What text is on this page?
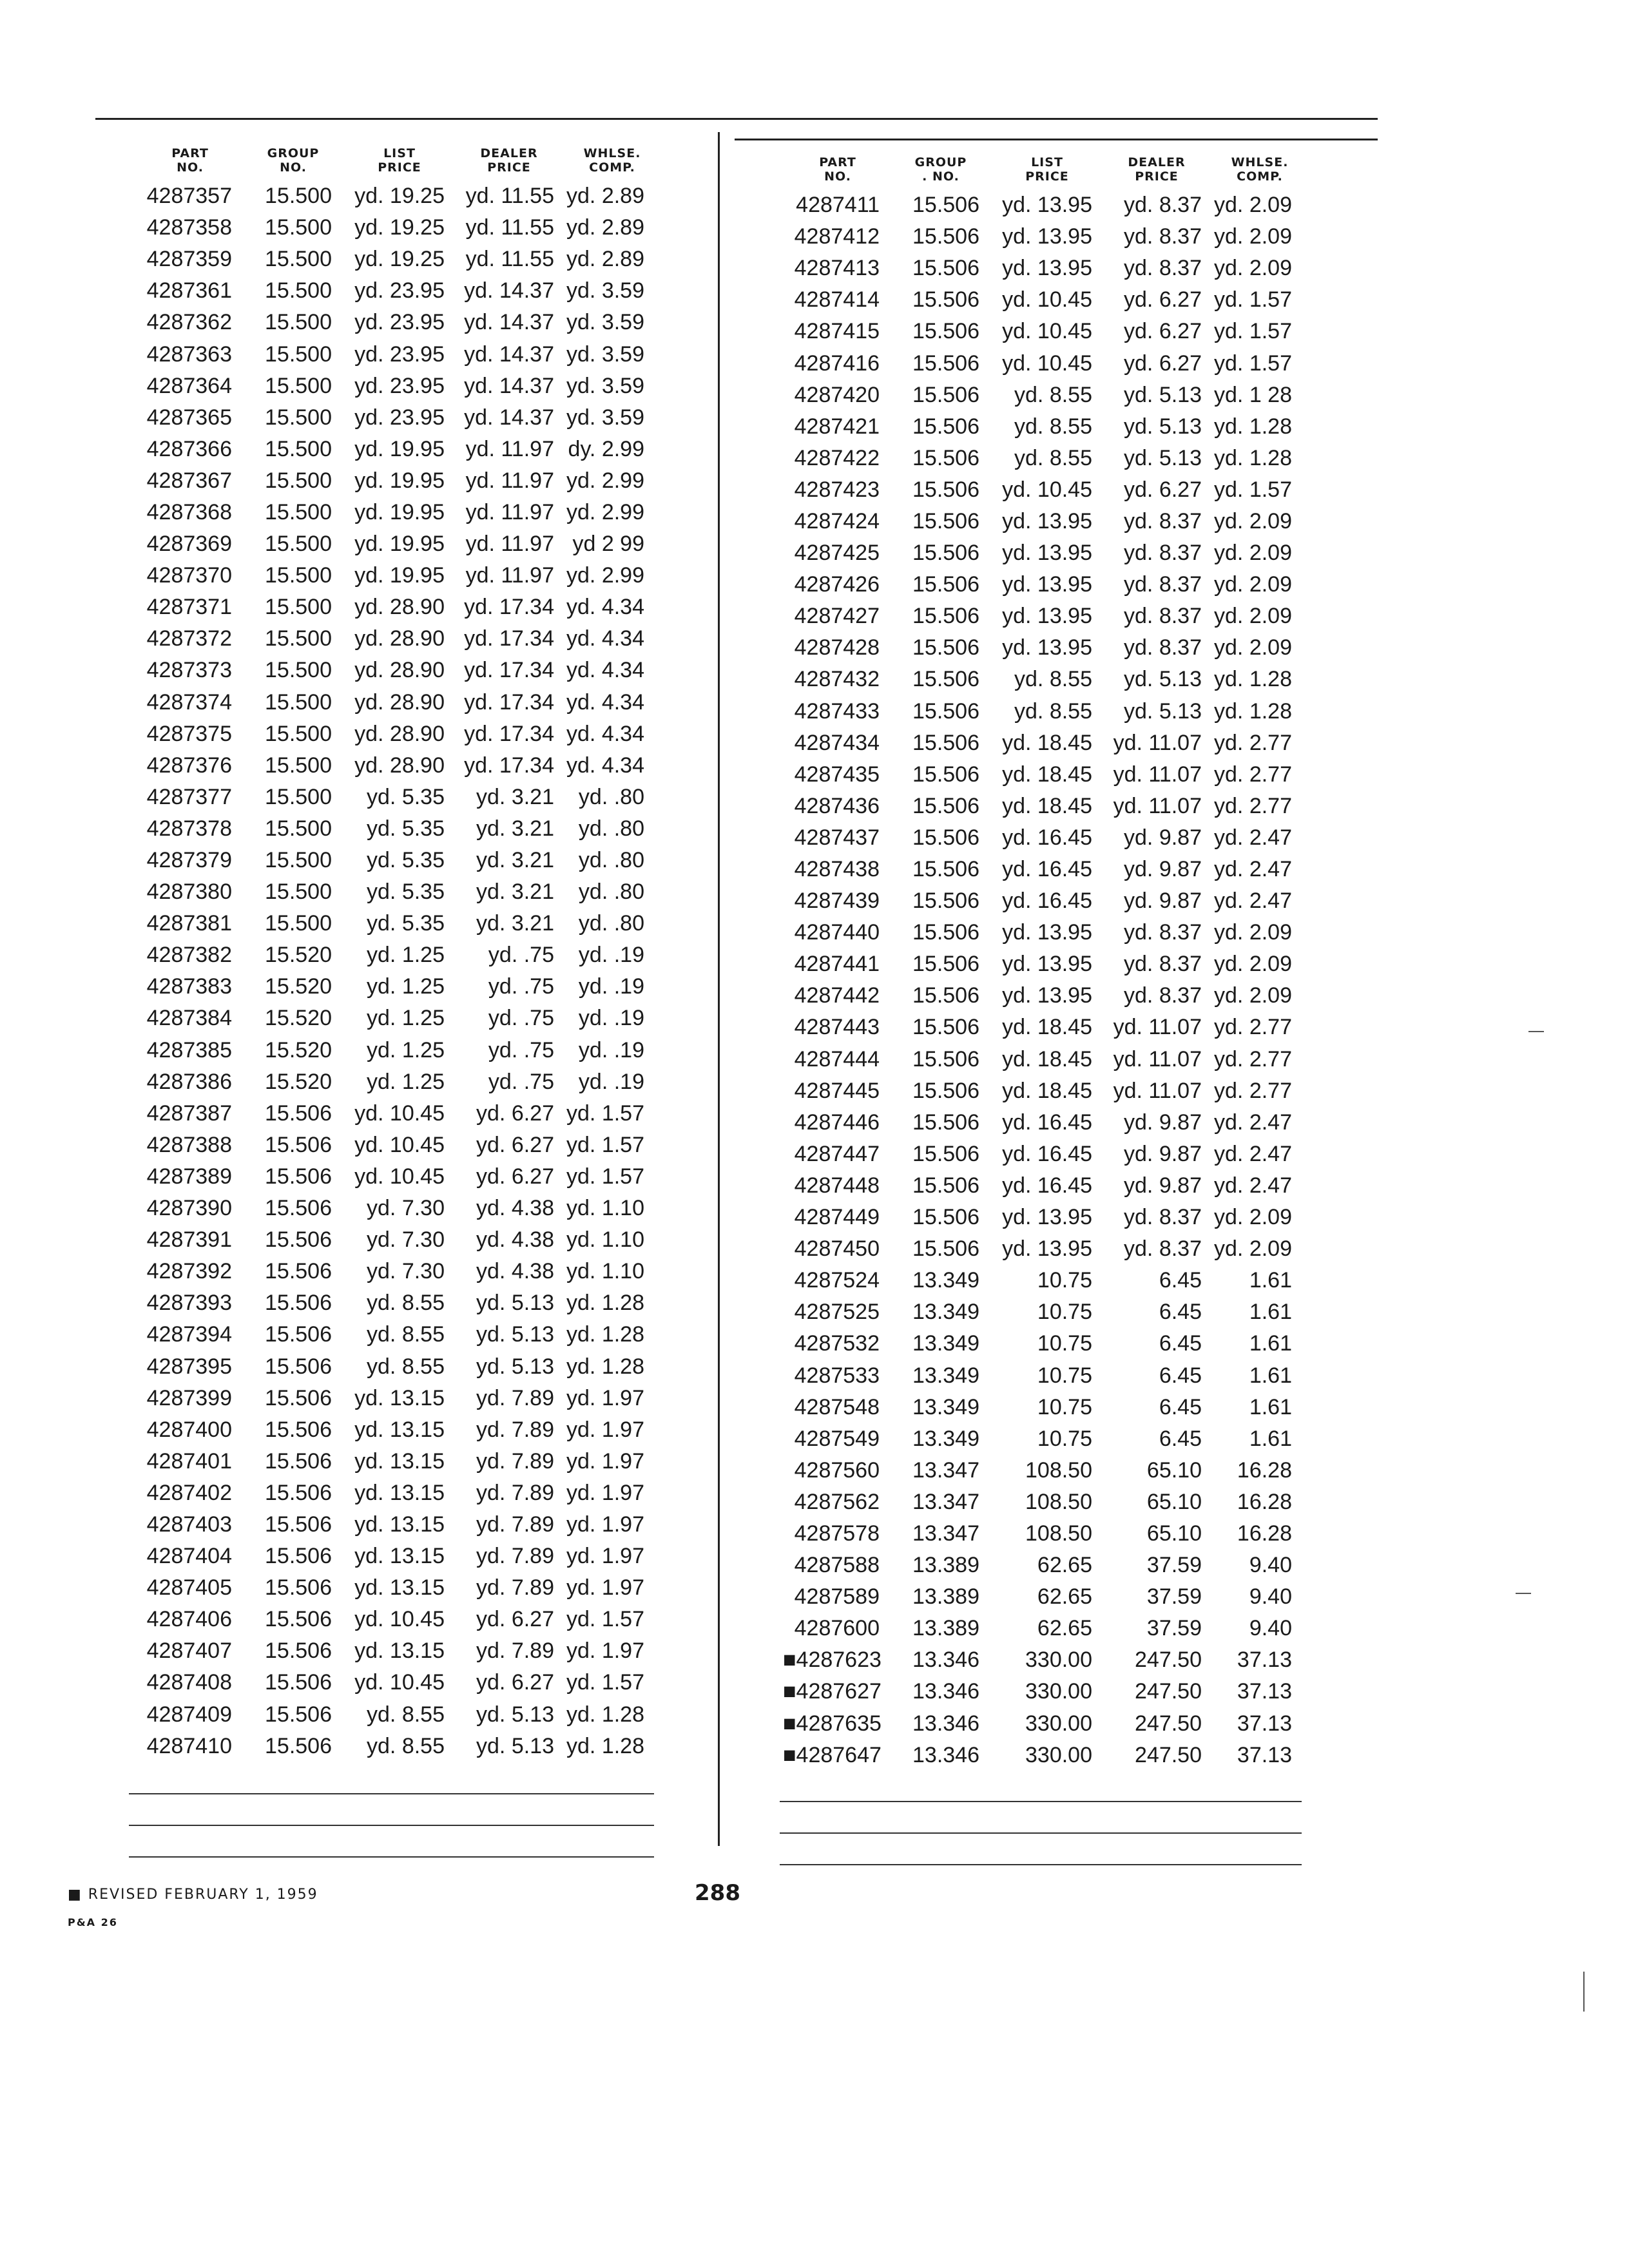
PART
NO.
GROUP
NO.
LIST
PRICE
DEALER
PRICE
WHLSE.
COMP.
4287357	15.500	yd. 19.25 yd. 11.55 yd. 2.89
4287358	15.500	yd. 19.25 yd. 11.55 yd. 2.89
4287359	15.500	yd. 19.25 yd. 11.55 yd. 2.89
4287361	15.500	yd. 23.95 yd. 14.37 yd. 3.59
4287362	15.500	yd. 23.95 yd. 14.37 yd. 3.59
4287363	15.500	yd. 23.95 yd. 14.37 yd. 3.59
4287364	15.500	yd. 23.95 yd. 14.37 yd. 3.59
4287365	15.500	yd. 23.95 yd. 14.37 yd. 3.59
4287366	15.500	yd. 19.95 yd. 11.97 dy. 2.99
4287367	15.500	yd. 19.95 yd. 11.97 yd. 2.99
4287368	15.500	yd. 19.95 yd. 11.97 yd. 2.99
4287369	15.500	yd. 19.95 yd. 11.97 yd 2 99
4287370	15.500	yd. 19.95 yd. 11.97 yd. 2.99
4287371	15.500	yd. 28.90 yd. 17.34 yd. 4.34
4287372	15.500	yd. 28.90 yd. 17.34 yd. 4.34
4287373	15.500	yd. 28.90 yd. 17.34 yd. 4.34
4287374	15.500	yd. 28.90 yd. 17.34 yd. 4.34
4287375	15.500	yd. 28.90 yd. 17.34 yd. 4.34
4287376	15.500	yd. 28.90 yd. 17.34 yd. 4.34
4287377	15.500	yd. 5.35	yd. 3.21	yd. .80
4287378	15.500	yd. 5.35	yd. 3.21	yd. .80
4287379	15.500	yd. 5.35	yd. 3.21	yd. .80
4287380	15.500	yd. 5.35	yd. 3.21	yd. .80
4287381	15.500	yd. 5.35	yd. 3.21	yd. .80
4287382	15.520	yd. 1.25	yd. .75	yd. .19
4287383	15.520	yd. 1.25	yd. .75	yd. .19
4287384	15.520	yd. 1.25	yd. .75	yd. .19
4287385	15.520	yd. 1.25	yd. .75	yd. .19
4287386	15.520	yd. 1.25	yd. .75	yd. .19
4287387	15.506	yd. 10.45	yd. 6.27 yd. 1.57
4287388	15.506	yd. 10.45	yd. 6.27 yd. 1.57
4287389	15.506	yd. 10.45	yd. 6.27 yd. 1.57
4287390	15.506	yd. 7.30	yd. 4.38 yd. 1.10
4287391	15.506	yd. 7.30	yd. 4.38 yd. 1.10
4287392	15.506	yd. 7.30	yd. 4.38 yd. 1.10
4287393	15.506	yd. 8.55	yd. 5.13 yd. 1.28
4287394	15.506	yd. 8.55	yd. 5.13 yd. 1.28
4287395	15.506	yd. 8.55	yd. 5.13 yd. 1.28
4287399	15.506	yd. 13.15	yd. 7.89 yd. 1.97
4287400	15.506	yd. 13.15	yd. 7.89 yd. 1.97
4287401	15.506	yd. 13.15	yd. 7.89 yd. 1.97
4287402	15.506	yd. 13.15	yd. 7.89 yd. 1.97
4287403	15.506	yd. 13.15	yd. 7.89 yd. 1.97
4287404	15.506	yd. 13.15	yd. 7.89 yd. 1.97
4287405	15.506	yd. 13.15	yd. 7.89 yd. 1.97
4287406	15.506	yd. 10.45	yd. 6.27 yd. 1.57
4287407	15.506	yd. 13.15	yd. 7.89 yd. 1.97
4287408	15.506	yd. 10.45	yd. 6.27 yd. 1.57
4287409	15.506	yd. 8.55	yd. 5.13 yd. 1.28
4287410	15.506	yd. 8.55	yd. 5.13 yd. 1.28
PART
NO.
GROUP
. NO.
LIST
PRICE
DEALER
PRICE
WHLSE.
COMP.
4287411	15.506	yd. 13.95	yd. 8.37 yd. 2.09
4287412	15.506	yd. 13.95	yd. 8.37 yd. 2.09
4287413	15.506	yd. 13.95	yd. 8.37 yd. 2.09
4287414	15.506	yd. 10.45	yd. 6.27 yd. 1.57
4287415	15.506	yd. 10.45	yd. 6.27 yd. 1.57
4287416	15.506	yd. 10.45	yd. 6.27 yd. 1.57
4287420	15.506	yd. 8.55	yd. 5.13 yd. 1 28
4287421	15.506	yd. 8.55	yd. 5.13 yd. 1.28
4287422	15.506	yd. 8.55	yd. 5.13 yd. 1.28
4287423	15.506	yd. 10.45	yd. 6.27 yd. 1.57
4287424	15.506	yd. 13.95	yd. 8.37 yd. 2.09
4287425	15.506	yd. 13.95	yd. 8.37 yd. 2.09
4287426	15.506	yd. 13.95	yd. 8.37 yd. 2.09
4287427	15.506	yd. 13.95	yd. 8.37 yd. 2.09
4287428	15.506	yd. 13.95	yd. 8.37 yd. 2.09
4287432	15.506	yd. 8.55	yd. 5.13 yd. 1.28
4287433	15.506	yd. 8.55	yd. 5.13 yd. 1.28
4287434	15.506	yd. 18.45 yd. 11.07 yd. 2.77
4287435	15.506	yd. 18.45 yd. 11.07 yd. 2.77
4287436	15.506	yd. 18.45 yd. 11.07 yd. 2.77
4287437	15.506	yd. 16.45	yd. 9.87 yd. 2.47
4287438	15.506	yd. 16.45	yd. 9.87 yd. 2.47
4287439	15.506	yd. 16.45	yd. 9.87 yd. 2.47
4287440	15.506	yd. 13.95	yd. 8.37 yd. 2.09
4287441	15.506	yd. 13.95	yd. 8.37 yd. 2.09
4287442	15.506	yd. 13.95	yd. 8.37 yd. 2.09
4287443	15.506	yd. 18.45 yd. 11.07 yd. 2.77
4287444	15.506	yd. 18.45 yd. 11.07 yd. 2.77
4287445	15.506	yd. 18.45 yd. 11.07 yd. 2.77
4287446	15.506	yd. 16.45	yd. 9.87 yd. 2.47
4287447	15.506	yd. 16.45	yd. 9.87 yd. 2.47
4287448	15.506	yd. 16.45	yd. 9.87 yd. 2.47
4287449	15.506	yd. 13.95	yd. 8.37 yd. 2.09
4287450	15.506	yd. 13.95	yd. 8.37 yd. 2.09
4287524	13.349	10.75	6.45	1.61
4287525	13.349	10.75	6.45	1.61
4287532	13.349	10.75	6.45	1.61
4287533	13.349	10.75	6.45	1.61
4287548	13.349	10.75	6.45	1.61
4287549	13.349	10.75	6.45	1.61
4287560	13.347	108.50	65.10	16.28
4287562	13.347	108.50	65.10	16.28
4287578	13.347	108.50	65.10	16.28
4287588	13.389	62.65	37.59	9.40
4287589	13.389	62.65	37.59	9.40
4287600	13.389	62.65	37.59	9.40
■4287623	13.346	330.00	247.50	37.13
■4287627	13.346	330.00	247.50	37.13
■4287635	13.346	330.00	247.50	37.13
■4287647	13.346	330.00	247.50	37.13
■ REVISED FEBRUARY 1, 1959
P&A 26
288
